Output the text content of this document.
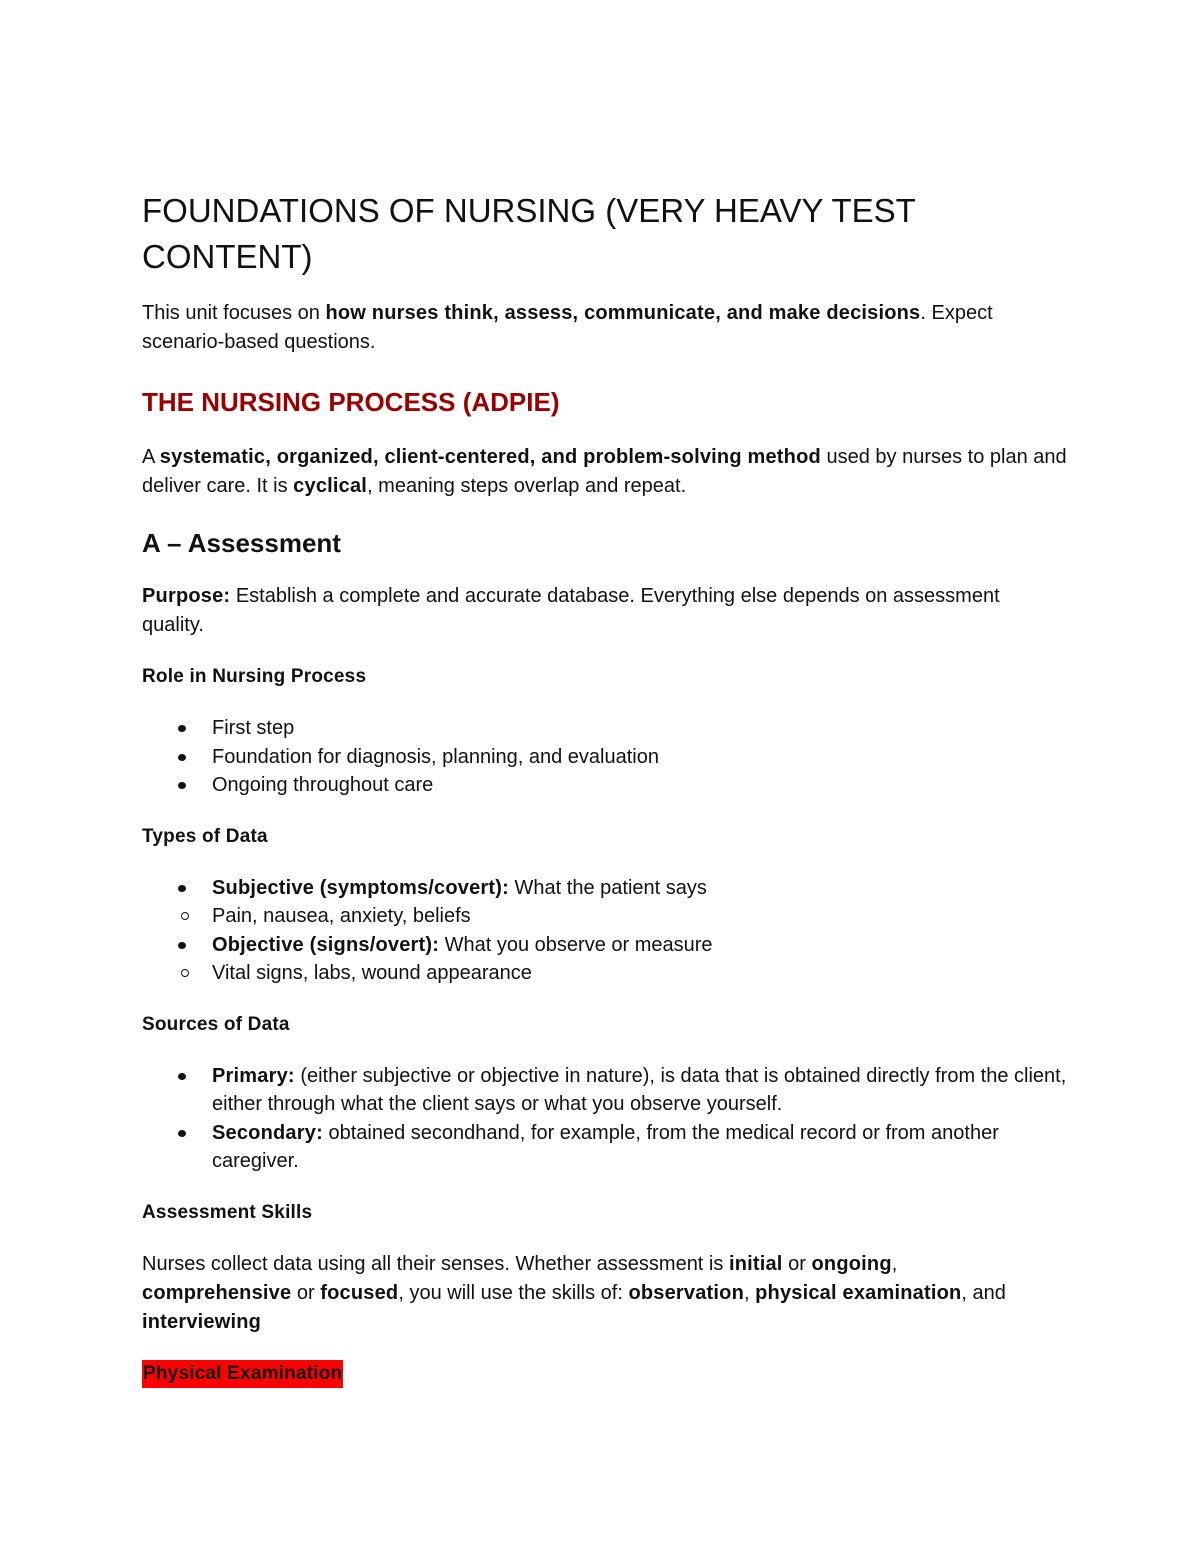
FOUNDATIONS OF NURSING (VERY HEAVY TEST CONTENT)

This unit focuses on how nurses think, assess, communicate, and make decisions. Expect scenario-based questions.

THE NURSING PROCESS (ADPIE)

A systematic, organized, client-centered, and problem-solving method used by nurses to plan and deliver care. It is cyclical, meaning steps overlap and repeat.

A – Assessment

Purpose: Establish a complete and accurate database. Everything else depends on assessment quality.

Role in Nursing Process

First step
Foundation for diagnosis, planning, and evaluation
Ongoing throughout care

Types of Data

Subjective (symptoms/covert): What the patient says
Pain, nausea, anxiety, beliefs
Objective (signs/overt): What you observe or measure
Vital signs, labs, wound appearance

Sources of Data

Primary: (either subjective or objective in nature), is data that is obtained directly from the client, either through what the client says or what you observe yourself.
Secondary: obtained secondhand, for example, from the medical record or from another caregiver.

Assessment Skills

Nurses collect data using all their senses. Whether assessment is initial or ongoing,
comprehensive or focused, you will use the skills of: observation, physical examination, and interviewing

Physical Examination
